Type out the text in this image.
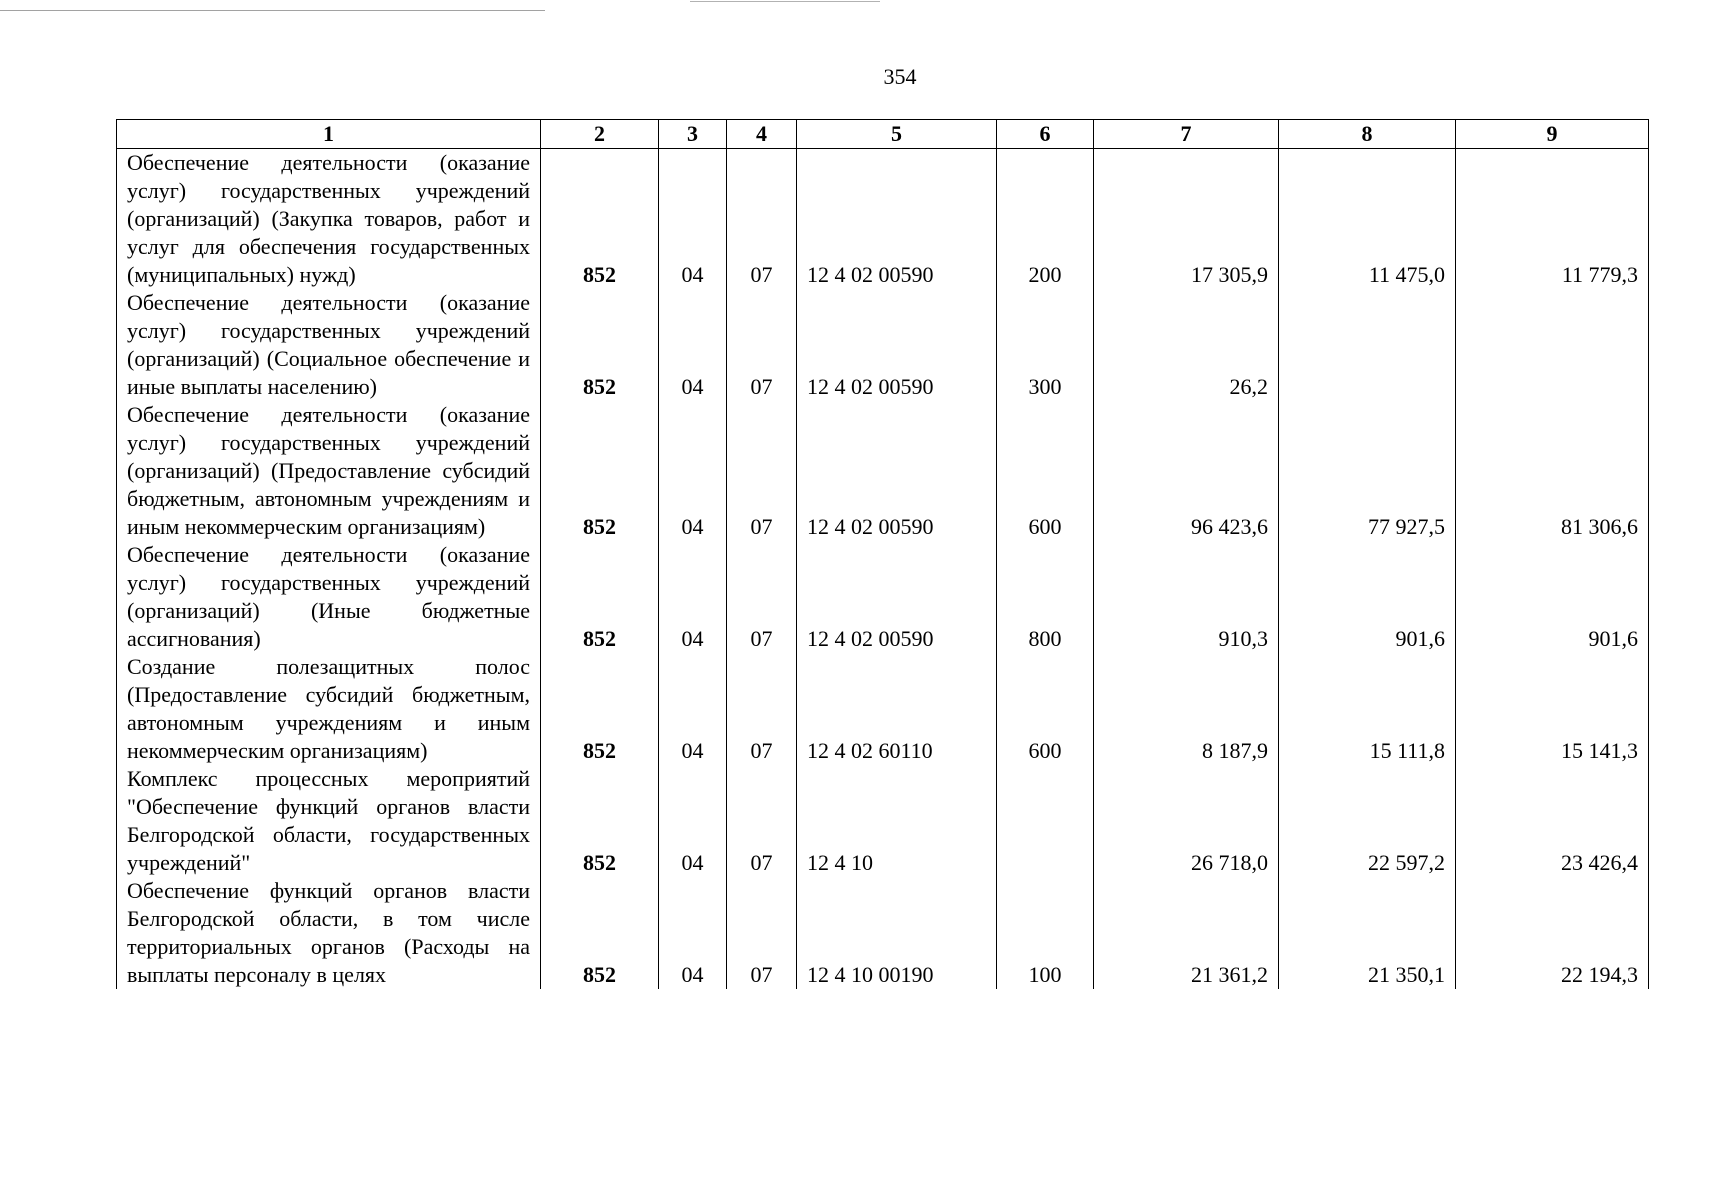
354
1	2	3	4	5	6	7	8	9
Обеспечение деятельности (оказание услуг) государственных учреждений (организаций) (Закупка товаров, работ и услуг для обеспечения государственных (муниципальных) нужд)	852	04	07	12 4 02 00590	200	17 305,9	11 475,0	11 779,3
Обеспечение деятельности (оказание услуг) государственных учреждений (организаций) (Социальное обеспечение и иные выплаты населению)	852	04	07	12 4 02 00590	300	26,2		
Обеспечение деятельности (оказание услуг) государственных учреждений (организаций) (Предоставление субсидий бюджетным, автономным учреждениям и иным некоммерческим организациям)	852	04	07	12 4 02 00590	600	96 423,6	77 927,5	81 306,6
Обеспечение деятельности (оказание услуг) государственных учреждений (организаций) (Иные бюджетные ассигнования)	852	04	07	12 4 02 00590	800	910,3	901,6	901,6
Создание полезащитных полос (Предоставление субсидий бюджетным, автономным учреждениям и иным некоммерческим организациям)	852	04	07	12 4 02 60110	600	8 187,9	15 111,8	15 141,3
Комплекс процессных мероприятий "Обеспечение функций органов власти Белгородской области, государственных учреждений"	852	04	07	12 4 10		26 718,0	22 597,2	23 426,4
Обеспечение функций органов власти Белгородской области, в том числе территориальных органов (Расходы на выплаты персоналу в целях	852	04	07	12 4 10 00190	100	21 361,2	21 350,1	22 194,3
